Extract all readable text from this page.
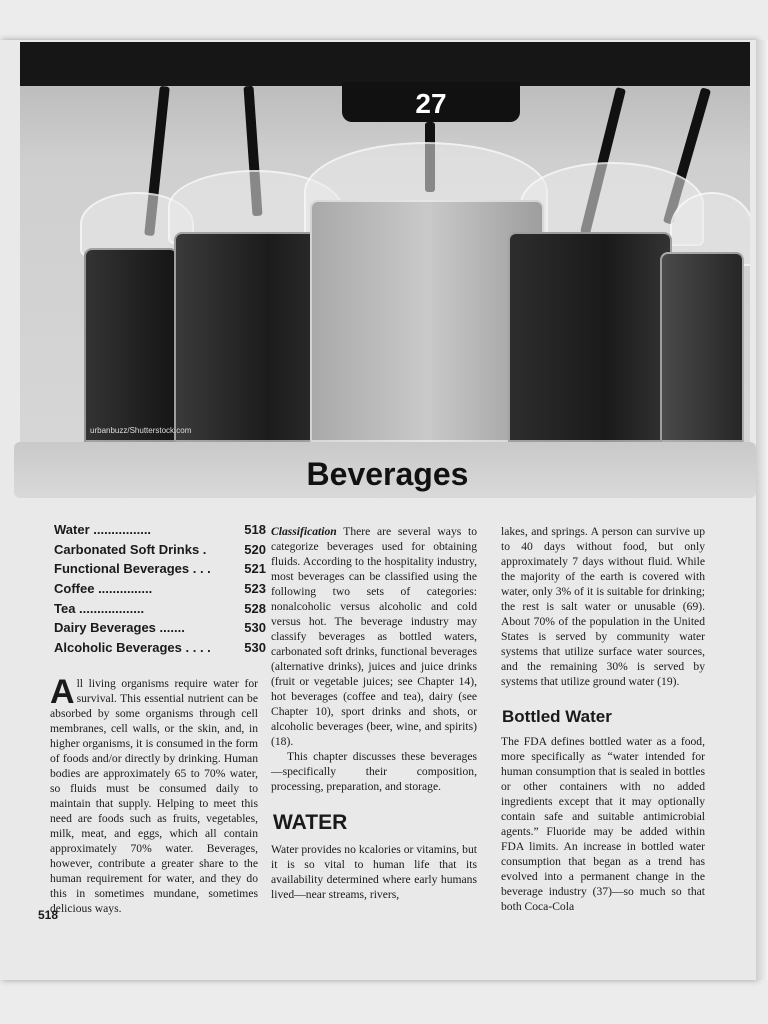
urbanbuzz/Shutterstock.com
27
Beverages
Water ................	518
Carbonated Soft Drinks .	520
Functional Beverages . . .	521
Coffee ...............	523
Tea ..................	528
Dairy Beverages .......	530
Alcoholic Beverages . . . .	530

All living organisms require water for survival. This essential nutrient can be absorbed by some organisms through cell membranes, cell walls, or the skin, and, in higher organisms, it is consumed in the form of foods and/or directly by drinking. Human bodies are approximately 65 to 70% water, so fluids must be consumed daily to maintain that supply. Helping to meet this need are foods such as fruits, vegetables, milk, meat, and eggs, which all contain approximately 70% water. Beverages, however, contribute a greater share to the human requirement for water, and they do this in sometimes mundane, sometimes delicious ways.

Classification There are several ways to categorize beverages used for obtaining fluids. According to the hospitality industry, most beverages can be classified using the following two sets of categories: nonalcoholic versus alcoholic and cold versus hot. The beverage industry may classify beverages as bottled waters, carbonated soft drinks, functional beverages (alternative drinks), juices and juice drinks (fruit or vegetable juices; see Chapter 14), hot beverages (coffee and tea), dairy (see Chapter 10), sport drinks and shots, or alcoholic beverages (beer, wine, and spirits) (18).

This chapter discusses these beverages—specifically their composition, processing, preparation, and storage.

WATER

Water provides no kcalories or vitamins, but it is so vital to human life that its availability determined where early humans lived—near streams, rivers,

lakes, and springs. A person can survive up to 40 days without food, but only approximately 7 days without fluid. While the majority of the earth is covered with water, only 3% of it is suitable for drinking; the rest is salt water or unusable (69). About 70% of the population in the United States is served by community water systems that utilize surface water sources, and the remaining 30% is served by systems that utilize ground water (19).

Bottled Water

The FDA defines bottled water as a food, more specifically as “water intended for human consumption that is sealed in bottles or other containers with no added ingredients except that it may optionally contain safe and suitable antimicrobial agents.” Fluoride may be added within FDA limits. An increase in bottled water consumption that began as a trend has evolved into a permanent change in the beverage industry (37)—so much so that both Coca-Cola

518
